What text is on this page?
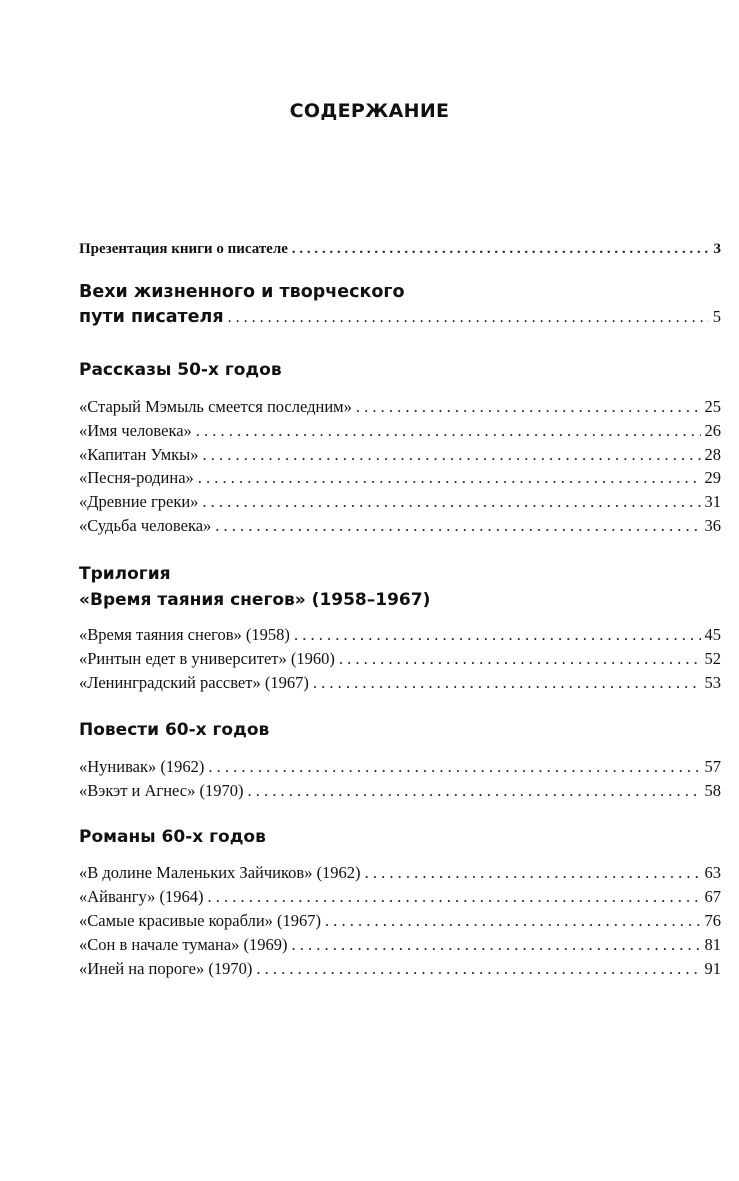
СОДЕРЖАНИЕ
Презентация книги о писателе . . .	3
Вехи жизненного и творческого
пути писателя . . .	5
Рассказы 50-х годов
«Старый Мэмыль смеется последним» . . .	25
«Имя человека» . . .	26
«Капитан Умкы» . . .	28
«Песня-родина» . . .	29
«Древние греки» . . .	31
«Судьба человека» . . .	36
Трилогия
«Время таяния снегов» (1958–1967)
«Время таяния снегов» (1958) . . .	45
«Ринтын едет в университет» (1960) . . .	52
«Ленинградский рассвет» (1967) . . .	53
Повести 60-х годов
«Нунивак» (1962) . . .	57
«Вэкэт и Агнес» (1970) . . .	58
Романы 60-х годов
«В долине Маленьких Зайчиков» (1962) . . .	63
«Айвангу» (1964) . . .	67
«Самые красивые корабли» (1967) . . .	76
«Сон в начале тумана» (1969) . . .	81
«Иней на пороге» (1970) . . .	91
